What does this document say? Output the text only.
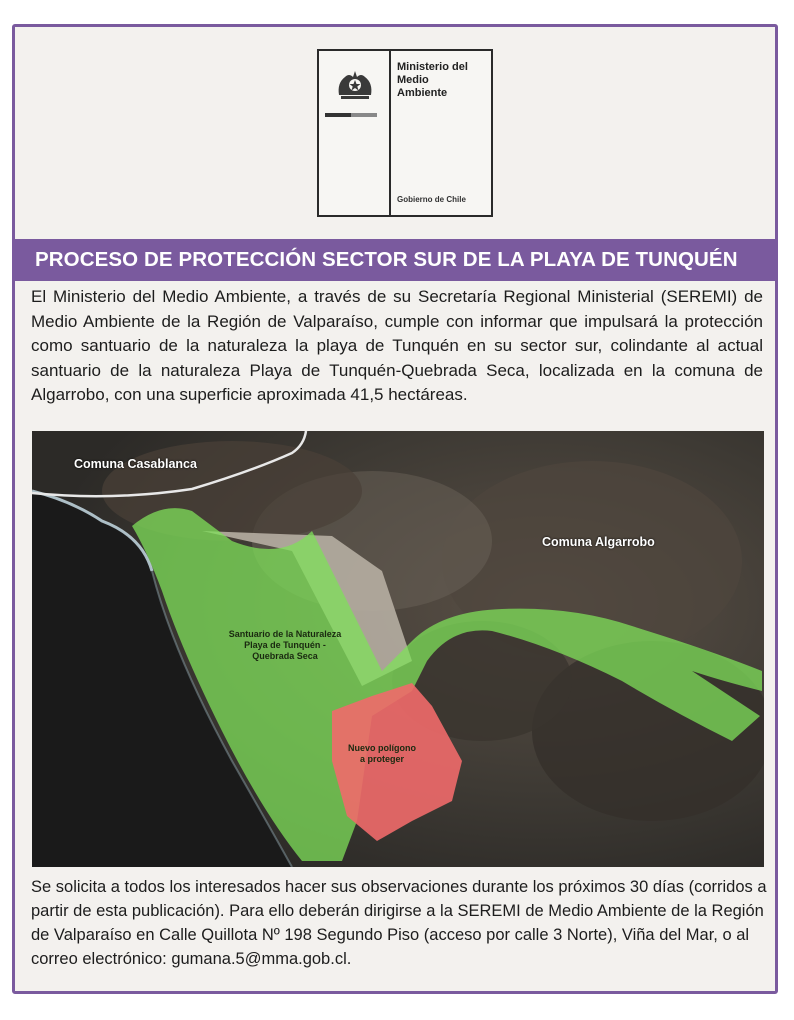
Ministerio del
Medio
Ambiente
Gobierno de Chile
PROCESO DE PROTECCIÓN SECTOR SUR DE LA PLAYA DE TUNQUÉN
El Ministerio del Medio Ambiente, a través de su Secretaría Regional Ministerial (SEREMI) de Medio Ambiente de la Región de Valparaíso, cumple con informar que impulsará la protección como santuario de la naturaleza la playa de Tunquén en su sector sur, colindante al actual santuario de la naturaleza Playa de Tunquén-Quebrada Seca, localizada en la comuna de Algarrobo, con una superficie aproximada 41,5 hectáreas.
Comuna Casablanca
Comuna Algarrobo
Santuario de la Naturaleza
Playa de Tunquén -
Quebrada Seca
Nuevo polígono
a proteger
Se solicita a todos los interesados hacer sus observaciones durante los próximos 30 días (corridos a partir de esta publicación). Para ello deberán dirigirse a la SEREMI de Medio Ambiente de la Región de Valparaíso en Calle Quillota Nº 198 Segundo Piso (acceso por calle 3 Norte), Viña del Mar, o al correo electrónico: gumana.5@mma.gob.cl.
